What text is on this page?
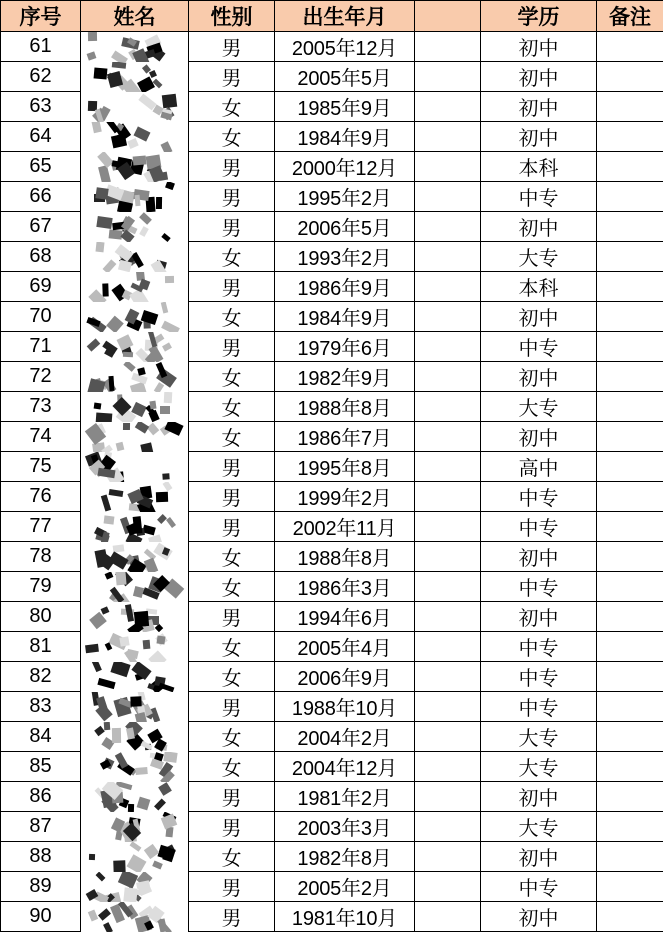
序号	姓名	性别	出生年月		学历	备注
61		男	2005年12月		初中	
62		男	2005年5月		初中	
63		女	1985年9月		初中	
64		女	1984年9月		初中	
65		男	2000年12月		本科	
66		男	1995年2月		中专	
67		男	2006年5月		初中	
68		女	1993年2月		大专	
69		男	1986年9月		本科	
70		女	1984年9月		初中	
71		男	1979年6月		中专	
72		女	1982年9月		初中	
73		女	1988年8月		大专	
74		女	1986年7月		初中	
75		男	1995年8月		高中	
76		男	1999年2月		中专	
77		男	2002年11月		中专	
78		女	1988年8月		初中	
79		女	1986年3月		中专	
80		男	1994年6月		初中	
81		女	2005年4月		中专	
82		女	2006年9月		中专	
83		男	1988年10月		中专	
84		女	2004年2月		大专	
85		女	2004年12月		大专	
86		男	1981年2月		初中	
87		男	2003年3月		大专	
88		女	1982年8月		初中	
89		男	2005年2月		中专	
90		男	1981年10月		初中	
